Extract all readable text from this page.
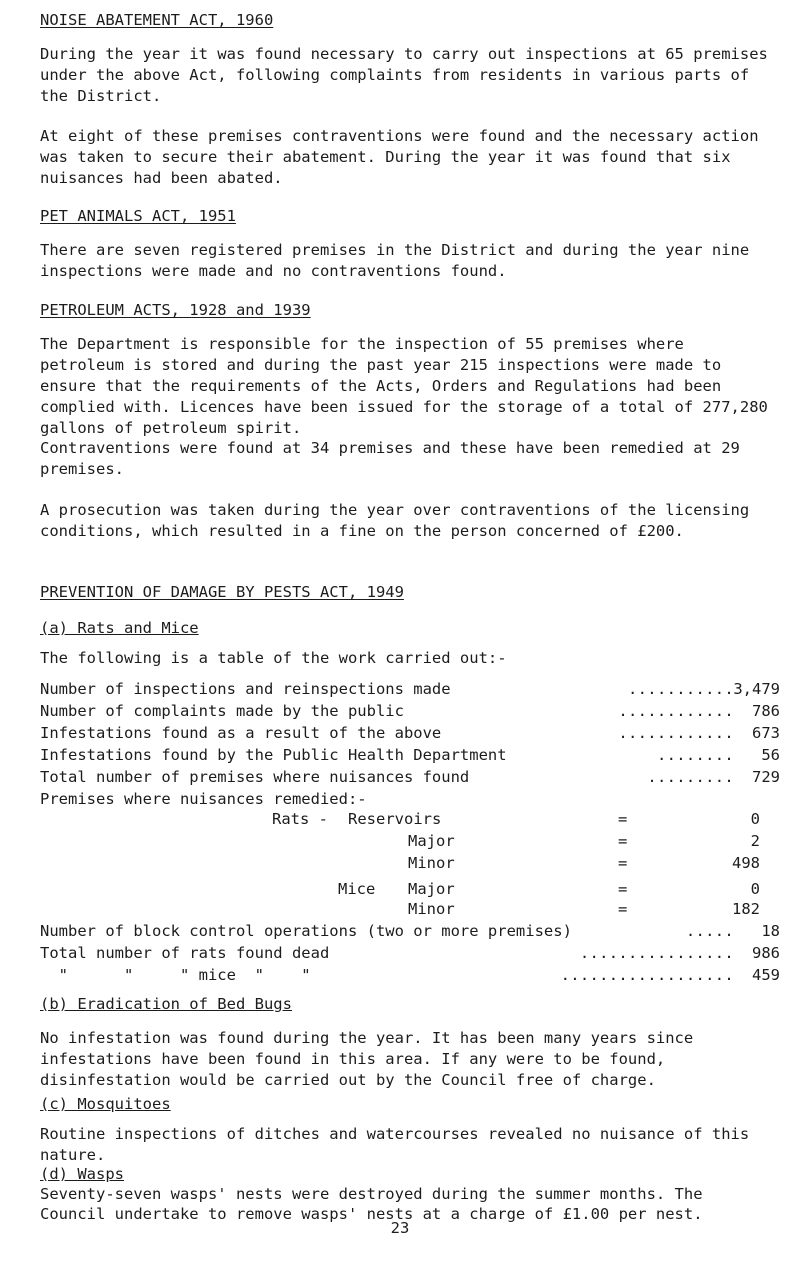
NOISE ABATEMENT ACT, 1960
During the year it was found necessary to carry out inspections at 65 premises under the above Act, following complaints from residents in various parts of the District.
At eight of these premises contraventions were found and the necessary action was taken to secure their abatement. During the year it was found that six nuisances had been abated.
PET ANIMALS ACT, 1951
There are seven registered premises in the District and during the year nine inspections were made and no contraventions found.
PETROLEUM ACTS, 1928 and 1939
The Department is responsible for the inspection of 55 premises where petroleum is stored and during the past year 215 inspections were made to ensure that the requirements of the Acts, Orders and Regulations had been complied with. Licences have been issued for the storage of a total of 277,280 gallons of petroleum spirit.
Contraventions were found at 34 premises and these have been remedied at 29 premises.
A prosecution was taken during the year over contraventions of the licensing conditions, which resulted in a fine on the person concerned of £200.
PREVENTION OF DAMAGE BY PESTS ACT, 1949
(a) Rats and Mice
The following is a table of the work carried out:-
Number of inspections and reinspections made	........... 3,479
Number of complaints made by the public	............ 786
Infestations found as a result of the above	............ 673
Infestations found by the Public Health Department	........ 56
Total number of premises where nuisances found	......... 729
Premises where nuisances remedied:-
Rats - Reservoirs	=	0
Major	=	2
Minor	=	498
Mice Major	=	0
Minor	=	182
Number of block control operations (two or more premises)	..... 18
Total number of rats found dead	................ 986
"      "     " mice  "    "	.................. 459
(b) Eradication of Bed Bugs
No infestation was found during the year. It has been many years since infestations have been found in this area. If any were to be found, disinfestation would be carried out by the Council free of charge.
(c) Mosquitoes
Routine inspections of ditches and watercourses revealed no nuisance of this nature.
(d) Wasps
Seventy-seven wasps' nests were destroyed during the summer months. The Council undertake to remove wasps' nests at a charge of £1.00 per nest.
23
